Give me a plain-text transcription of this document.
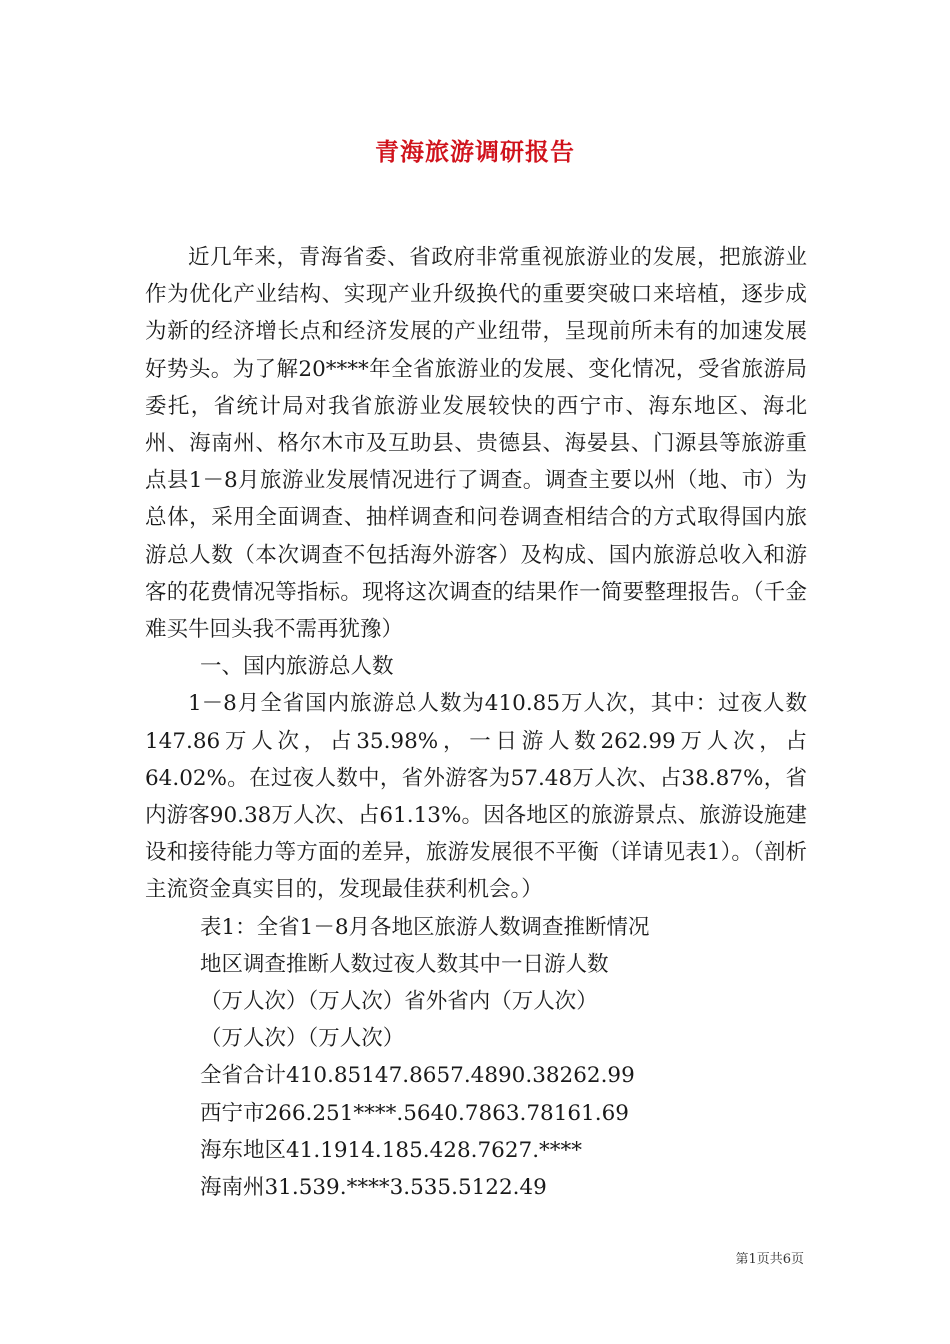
青海旅游调研报告

近几年来，青海省委、省政府非常重视旅游业的发展，把旅游业作为优化产业结构、实现产业升级换代的重要突破口来培植，逐步成为新的经济增长点和经济发展的产业纽带，呈现前所未有的加速发展好势头。为了解20****年全省旅游业的发展、变化情况，受省旅游局委托，省统计局对我省旅游业发展较快的西宁市、海东地区、海北州、海南州、格尔木市及互助县、贵德县、海晏县、门源县等旅游重点县1－8月旅游业发展情况进行了调查。调查主要以州（地、市）为总体，采用全面调查、抽样调查和问卷调查相结合的方式取得国内旅游总人数（本次调查不包括海外游客）及构成、国内旅游总收入和游客的花费情况等指标。现将这次调查的结果作一简要整理报告。（千金难买牛回头我不需再犹豫）

一、国内旅游总人数

1－8月全省国内旅游总人数为410.85万人次，其中：过夜人数147.86万人次，占35.98%，一日游人数262.99万人次，占64.02%。在过夜人数中，省外游客为57.48万人次、占38.87%，省内游客90.38万人次、占61.13%。因各地区的旅游景点、旅游设施建设和接待能力等方面的差异，旅游发展很不平衡（详请见表1）。（剖析主流资金真实目的，发现最佳获利机会。）

表1：全省1－8月各地区旅游人数调查推断情况

地区调查推断人数过夜人数其中一日游人数

（万人次）（万人次）省外省内（万人次）

（万人次）（万人次）

全省合计410.85147.8657.4890.38262.99

西宁市266.251****.5640.7863.78161.69

海东地区41.1914.185.428.7627.****

海南州31.539.****3.535.5122.49

第1页共6页
